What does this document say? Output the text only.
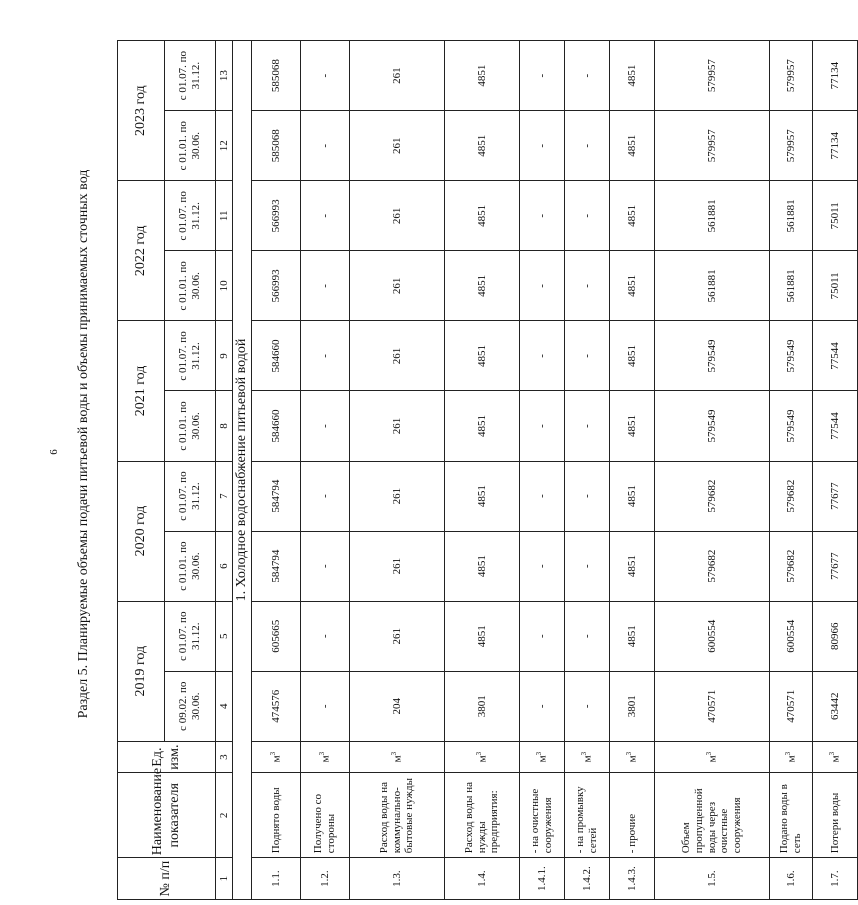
6 Раздел 5. Планируемые объемы подачи питьевой воды и объемы принимаемых сточных вод
№ п/п	Наименование показателя	Ед. изм.	2019 год		2020 год		2021 год		2022 год		2023 год	
			с 09.02. по 30.06.	с 01.07. по 31.12.	с 01.01. по 30.06.	с 01.07. по 31.12.	с 01.01. по 30.06.	с 01.07. по 31.12.	с 01.01. по 30.06.	с 01.07. по 31.12.	с 01.01. по 30.06.	с 01.07. по 31.12.
1	2	3	4	5	6	7	8	9	10	11	12	13
1. Холодное водоснабжение питьевой водой												
1.1.	Поднято воды	$м^3$	474576	605665	584794	584794	584660	584660	566993	566993	585068	585068
1.2.	Получено со стороны	$м^3$	-	-	-	-	-	-	-	-	-	-
1.3.	Расход воды на коммунально-бытовые нужды	$м^3$	204	261	261	261	261	261	261	261	261	261
1.4.	Расход воды на нужды предприятия:	$м^3$	3801	4851	4851	4851	4851	4851	4851	4851	4851	4851
1.4.1.	- на очистные сооружения	$м^3$	-	-	-	-	-	-	-	-	-	-
1.4.2.	- на промывку сетей	$м^3$	-	-	-	-	-	-	-	-	-	-
1.4.3.	- прочие	$м^3$	3801	4851	4851	4851	4851	4851	4851	4851	4851	4851
1.5.	Объем пропущенной воды через очистные сооружения	$м^3$	470571	600554	579682	579682	579549	579549	561881	561881	579957	579957
1.6.	Подано воды в сеть	$м^3$	470571	600554	579682	579682	579549	579549	561881	561881	579957	579957
1.7.	Потери воды	$м^3$	63442	80966	77677	77677	77544	77544	75011	75011	77134	77134
